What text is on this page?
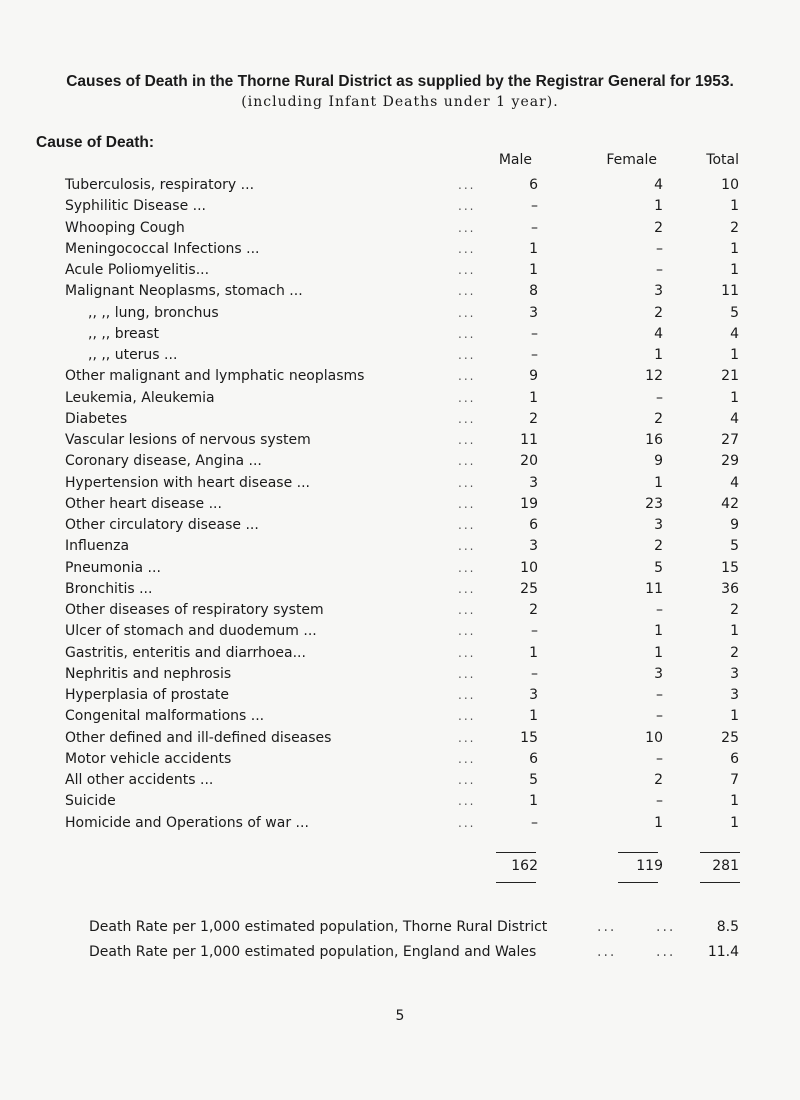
Causes of Death in the Thorne Rural District as supplied by the Registrar General for 1953.
(including Infant Deaths under 1 year).
Cause of Death:
Male	Female	Total
Tuberculosis, respiratory ...	6	4	10
...
Syphilitic Disease ...	–	1	1
...
Whooping Cough	–	2	2
...
Meningococcal Infections ...	1	–	1
...
Acule Poliomyelitis...	1	–	1
...
Malignant Neoplasms, stomach ...	8	3	11
...
,, ,, lung, bronchus	3	2	5
...
,, ,, breast	–	4	4
...
,, ,, uterus ...	–	1	1
...
Other malignant and lymphatic neoplasms	9	12	21
...
Leukemia, Aleukemia	1	–	1
...
Diabetes	2	2	4
...
Vascular lesions of nervous system	11	16	27
...
Coronary disease, Angina ...	20	9	29
...
Hypertension with heart disease ...	3	1	4
...
Other heart disease ...	19	23	42
...
Other circulatory disease ...	6	3	9
...
Influenza	3	2	5
...
Pneumonia ...	10	5	15
...
Bronchitis ...	25	11	36
...
Other diseases of respiratory system	2	–	2
...
Ulcer of stomach and duodemum ...	–	1	1
...
Gastritis, enteritis and diarrhoea...	1	1	2
...
Nephritis and nephrosis	–	3	3
...
Hyperplasia of prostate	3	–	3
...
Congenital malformations ...	1	–	1
...
Other defined and ill-defined diseases	15	10	25
...
Motor vehicle accidents	6	–	6
...
All other accidents ...	5	2	7
...
Suicide	1	–	1
...
Homicide and Operations of war ...	–	1	1
...
162	119	281
Death Rate per 1,000 estimated population, Thorne Rural District	...	...	8.5
Death Rate per 1,000 estimated population, England and Wales	...	... 11.4
5
